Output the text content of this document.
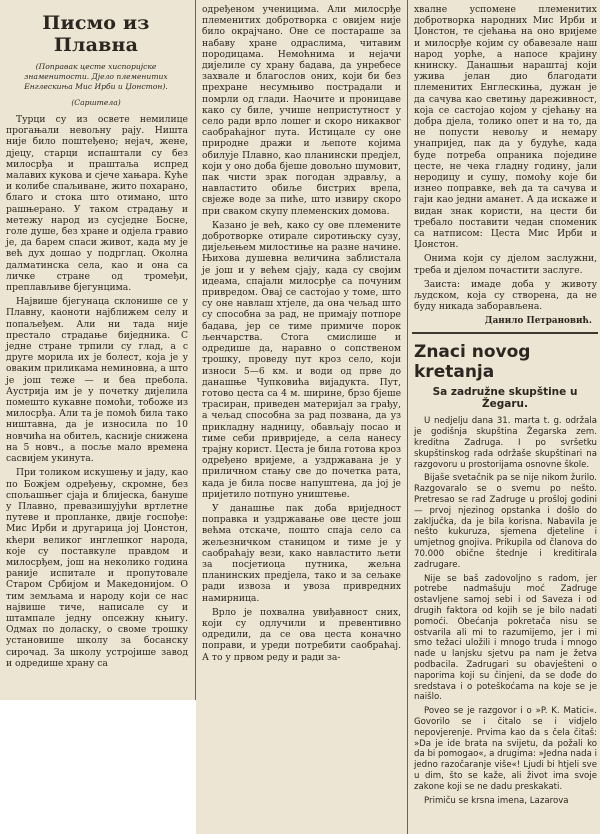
Писмо из Плавна
(Поправак цесте хиспориjске знаменитости. Дjело племенитих Енглескиња Мис Ирби и Џонстон).
(Сарштела)
Турци су из освете немилице прогањали невољну раjу. Ништа није било поштеђено; нејач, жене, дjецу, старци испаштали су без милосрђа и праштаља испред малавих кукова и сjече хањара. Куће и колибе спаљиване, жито похарано, благо и стока што отимано, што рашњерано. У таком страдању и метежу народ из сусjедне Босне, голе душе, без хране и одjела гравио је, да барем спаси живот, када му је већ дух дошао у подрглац. Околна далматинска села, као и она са личке стране од тромеђи, преплављиве бjегунцима.
Највише бjегунаца склонише се у Плавну, каоноти најближем селу и попаљеђем. Али ни тада није престало страдање биједника. С једне стране трпили су глад, а с друге морила их је болест, која је у овaким приликама неминовна, а што је још теже — и беа пребола. Аустрија им је у почетку дијелила помешто кукавне помоћи, тобоже из милосрђа. Али та је помоћ била тако ништавна, да је износила по 10 новчића на обитељ, касније снижена на 5 новч., а посље мало времена сасвијем укинута.
При толиком искушењу и јаду, као по Божјем одређењу, скромне, без спољашњег сјаја и блиjеска, бануше у Плавно, превазишујући вртлетне путеве и пропланке, двије госпође: Мис Ирби и другарица јој Џонстон, кћери великог инглешког народа, које су поставкуле правдом и милосрђем, још на неколико година раније испитале и пропутовале Старом Србијом и Македонијом. О тим земљама и народу који се нас највише тиче, написале су и штампале једну опсежну књигу. Одмах по доласку, о своме трошку установише школу за босанску сирочад. За школу устројише завод и одредише храну са
одређеном ученицима. Али милосрђе племенитих добротворка с овијем није било окрајчано. Оне се постараше за набаву хране одраслима, читавим породицама. Немоћнима и нејачи дијелиле су храну бадава, да унребесе захвале и благослов оних, који би без прехране несумњиво пострадали и помрли од глади. Наочите и проницаве како су биле, учише непристутност у село ради врло лошег и скоро никаквог саобраћајног пута. Истицале су оне природне дражи и љепоте којима обилује Плавно, као планински предjел, који у оно доба бjеше довољно шумовит, пак чисти зрак погодан здрављу, а навластито обиље бистрих врела, свјеже воде за пиће, што извиру скоро при сваком скупу племенских домова.
Казано је већ, како су ове племените добротворке отирале сиротињску сузу, дијељењем милостиње на разне начине. Њихова душевна величина заблистала је још и у већем сјају, када су својим идеама, спајали милосрђе са почуним привредом. Овај се састојао у томе, што су оне навлаш хтjеле, да она чељад што су способна за рад, не примају потпоре бадава, јер се тиме примиче порок љенчарства. Стога смислише и одредише да, наравно о сопственом трошку, проведу пут кроз село, који износи 5—6 км. и води од прве до данашње Чупковића виjадукта. Пут, готово цеста са 4 м. ширине, брзо бјеше трасиран, приведен материjал за грађу, а чељад способна за рад позвана, да уз приклaдну надницу, обављају посао и тиме себи привриjеде, а села нанесу трајну корист. Цеста је била готова кроз одређено вријеме, а уздржавана је у приличном стању све до почетка рата, када је била посве напуштена, да јој је приjетило потпуно уништење.
У данашње пак доба вриjедност поправка и уздржавање ове цесте још већма отскаче, пошто спаја село са жељезничком станицом и тиме је у саобраћају вези, како навластито љети за посjетиоца путника, жељна планинских предjела, тако и за сељаке ради извоза и увоза привредних намирница.
Врло је похвална увиђавност сних, који су одлучили и превентивно одредили, да се ова цеста коначно поправи, и уреди потребити саобраћај. А то у првом реду и ради за-
хвалне успомене племенитих добротворка народних Мис Ирби и Џонстон, те сјећања на оно вријеме и милосрђе којим су обавезале наш народ уорће, а напосе крајину книнску. Данашњи нараштај који ужива јелан дио благодати племенитих Енглескиња, дужан је да сачува као светињу дaреживност, која се састојао којом у сјећању на добра дјела, толико опет и на то, да не попусти невољу и немару унапријед, пак да у будуће, када буде потреба опраника поједине цесте, не чека гладну годину, јали неродицу и сушу, помоћу које би изнео поправке, већ да та сачува и гаји као једни аманет. А да искаже и видан знак користи, на цести би требало поставити чедан споменик са натписом: Цеста Мис Ирби и Џонстон.
Онима који су дjелом заслужни, треба и дjелом почастити заслуге.
Заиста: имаде доба у животу људском, која су створена, да не буду никада заборављена.
Данило Петрановић.
Znaci novog kretanja
Sa zadružne skupštine u Žegaru.
U nedjelju dana 31. marta t. g. održala je godišnja skupština Žegarska zem. kreditna Zadruga. I po svršetku skupštinskog rada održaše skupštinari na razgovoru u prostorijama osnovne škole.
Bijaše svetačnik pa se nije nikom žurilo. Razgovaralo se o svemu po nešto. Pretresao se rad Zadruge u prošloj godini — prvoj njezinog opstanka i došlo do zaključka, da je bila korisna. Nabavila je nešto kukuruza, sjemena djetelinе i umjetnog gnojiva. Prikupila od članova do 70.000 običnе štednje i kreditirala zadrugare.
Nije se baš zadovoljno s radom, jer potrebe nadmašuju moć Zadruge ostavljene samoj sebi i od Saveza i od drugih faktora od kojih se je bilo nadati pomoći. Obećanja pokretača nisu se ostvarila ali mi to razumijemo, jer i mi smo težaci uložili i mnogo truda i mnogo nade u lanjsku sjetvu pa nam je žetva podbacila. Zadrugari su obavješteni o naporima koji su činjeni, da se dođe do sredstava i o poteškoćama na koje se je naišlo.
Povео se je razgovor i o »P. K. Matici«. Govorilo se i čitalo se i vidjelo nepovjerenje. Prvima kao da s čela čitaš: »Da je ide brata na svijetu, da požali ko da bi pomogao«, a drugima: »Jedna nada i jedno razočaranje više«! Ljudi bi htjeli sve u dim, što se kaže, ali život ima svoje zakone koji se ne dadu preskakati.
Primiču se krsna imena, Lazarova
